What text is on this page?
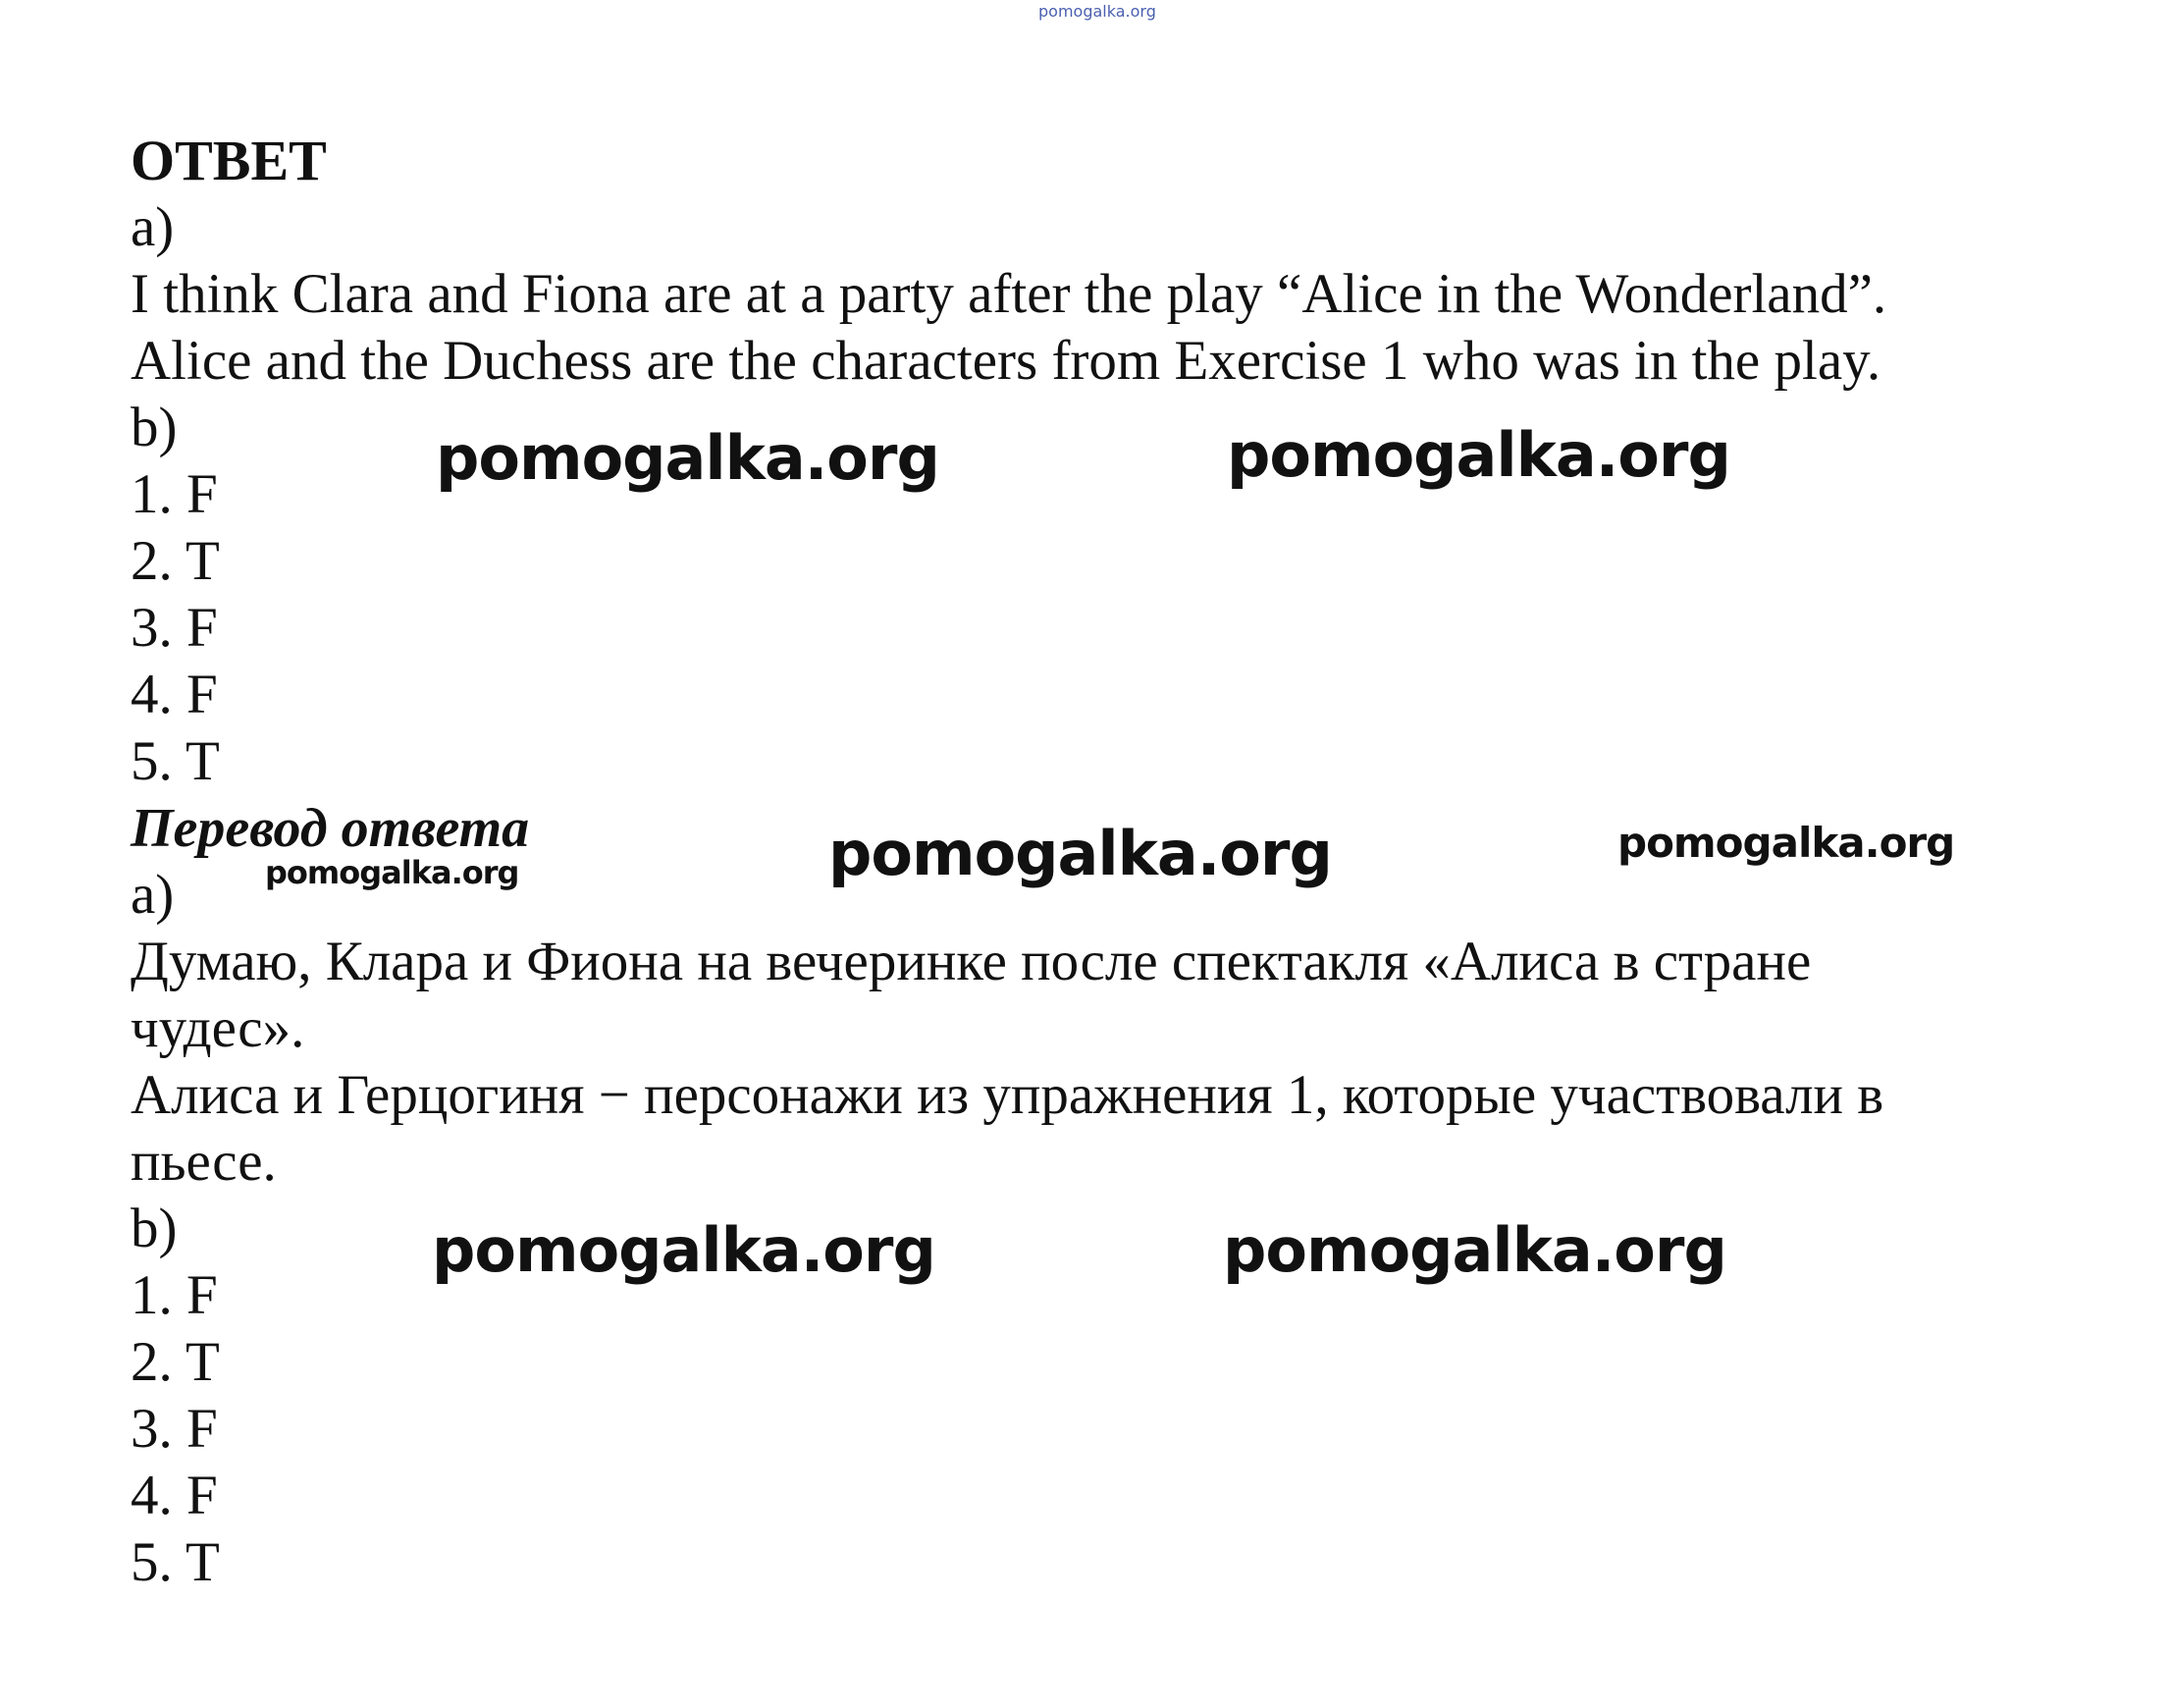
pomogalka.org
ОТВЕТ
a)
I think Clara and Fiona are at a party after the play “Alice in the Wonderland”.
Alice and the Duchess are the characters from Exercise 1 who was in the play.
b)
1. F
2. T
3. F
4. F
5. T
Перевод ответа
a)
Думаю, Клара и Фиона на вечеринке после спектакля «Алиса в стране чудес».
Алиса и Герцогиня − персонажи из упражнения 1, которые участвовали в пьесе.
b)
1. F
2. T
3. F
4. F
5. T
pomogalka.org	pomogalka.org
pomogalka.org	pomogalka.org
pomogalka.org
pomogalka.org	pomogalka.org
